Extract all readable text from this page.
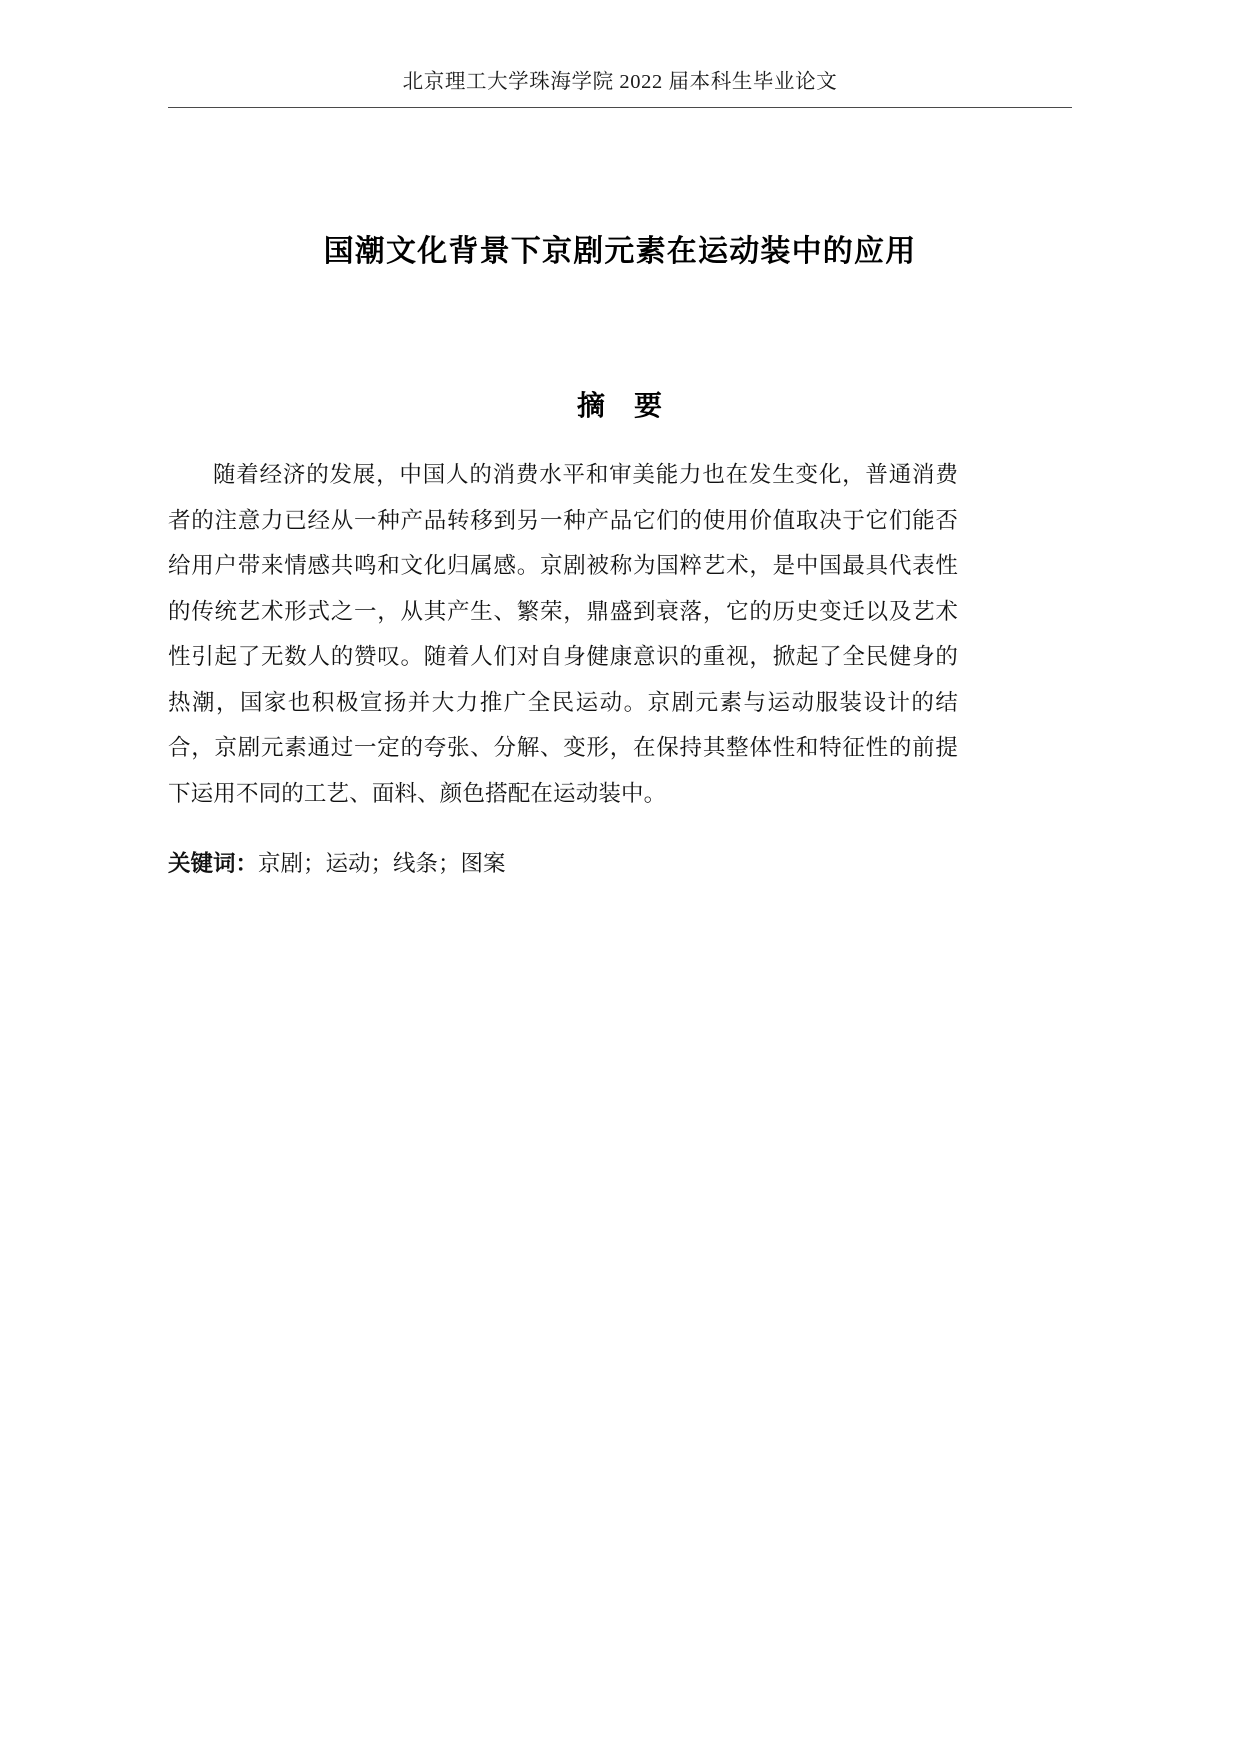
北京理工大学珠海学院 2022 届本科生毕业论文
国潮文化背景下京剧元素在运动装中的应用
摘 要

随着经济的发展，中国人的消费水平和审美能力也在发生变化，普通消费者的注意力已经从一种产品转移到另一种产品它们的使用价值取决于它们能否给用户带来情感共鸣和文化归属感。京剧被称为国粹艺术，是中国最具代表性的传统艺术形式之一，从其产生、繁荣，鼎盛到衰落，它的历史变迁以及艺术性引起了无数人的赞叹。随着人们对自身健康意识的重视，掀起了全民健身的热潮，国家也积极宣扬并大力推广全民运动。京剧元素与运动服装设计的结合，京剧元素通过一定的夸张、分解、变形，在保持其整体性和特征性的前提下运用不同的工艺、面料、颜色搭配在运动装中。

关键词：京剧；运动；线条；图案
